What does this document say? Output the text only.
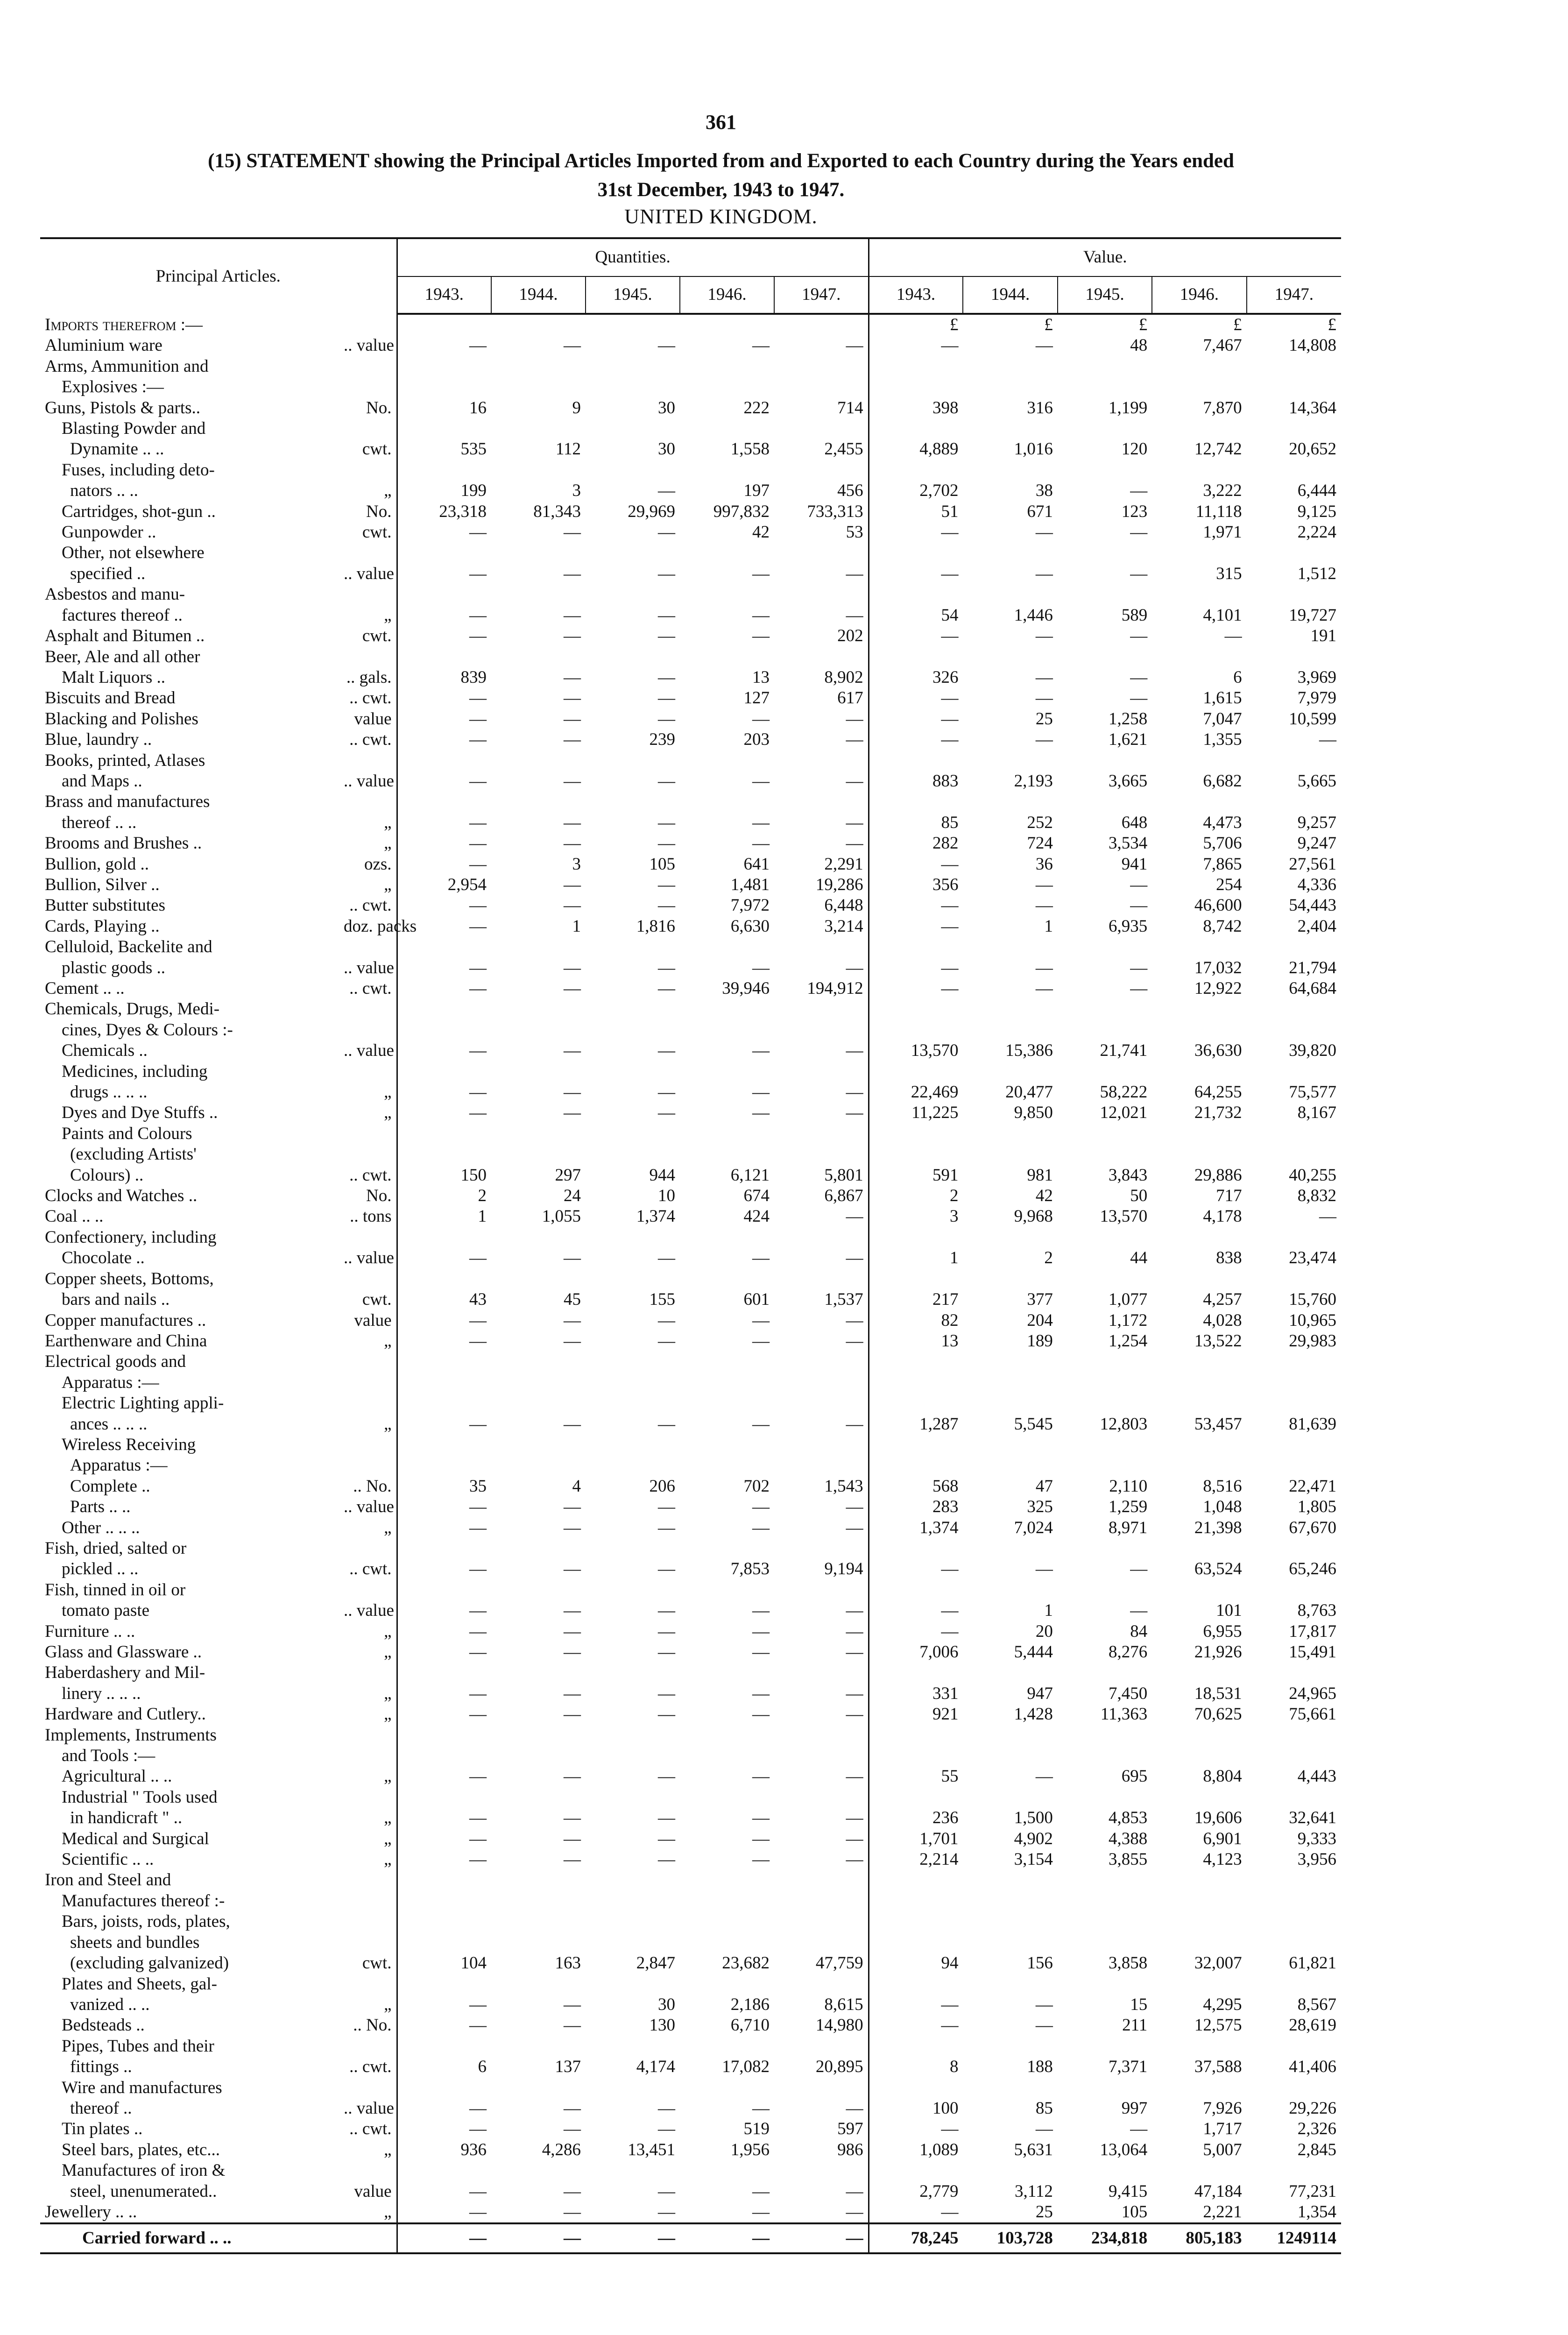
361
(15) STATEMENT showing the Principal Articles Imported from and Exported to each Country during the Years ended
31st December, 1943 to 1947.
UNITED KINGDOM.
Principal Articles.		Quantities.					Value.				
		1943.	1944.	1945.	1946.	1947.	1943.	1944.	1945.	1946.	1947.
Imports therefrom :—							£	£	£	£	£
Aluminium ware	.. value	—	—	—	—	—	—	—	48	7,467	14,808
Arms, Ammunition and											
Explosives :—											
Guns, Pistols & parts..	No.	16	9	30	222	714	398	316	1,199	7,870	14,364
Blasting Powder and											
Dynamite .. ..	cwt.	535	112	30	1,558	2,455	4,889	1,016	120	12,742	20,652
Fuses, including deto-											
nators .. ..	„	199	3	—	197	456	2,702	38	—	3,222	6,444
Cartridges, shot-gun ..	No.	23,318	81,343	29,969	997,832	733,313	51	671	123	11,118	9,125
Gunpowder ..	cwt.	—	—	—	42	53	—	—	—	1,971	2,224
Other, not elsewhere											
specified ..	.. value	—	—	—	—	—	—	—	—	315	1,512
Asbestos and manu-											
factures thereof ..	„	—	—	—	—	—	54	1,446	589	4,101	19,727
Asphalt and Bitumen ..	cwt.	—	—	—	—	202	—	—	—	—	191
Beer, Ale and all other											
Malt Liquors ..	.. gals.	839	—	—	13	8,902	326	—	—	6	3,969
Biscuits and Bread	.. cwt.	—	—	—	127	617	—	—	—	1,615	7,979
Blacking and Polishes	value	—	—	—	—	—	—	25	1,258	7,047	10,599
Blue, laundry ..	.. cwt.	—	—	239	203	—	—	—	1,621	1,355	—
Books, printed, Atlases											
and Maps ..	.. value	—	—	—	—	—	883	2,193	3,665	6,682	5,665
Brass and manufactures											
thereof .. ..	„	—	—	—	—	—	85	252	648	4,473	9,257
Brooms and Brushes ..	„	—	—	—	—	—	282	724	3,534	5,706	9,247
Bullion, gold ..	ozs.	—	3	105	641	2,291	—	36	941	7,865	27,561
Bullion, Silver ..	„	2,954	—	—	1,481	19,286	356	—	—	254	4,336
Butter substitutes	.. cwt.	—	—	—	7,972	6,448	—	—	—	46,600	54,443
Cards, Playing ..	doz. packs	—	1	1,816	6,630	3,214	—	1	6,935	8,742	2,404
Celluloid, Backelite and											
plastic goods ..	.. value	—	—	—	—	—	—	—	—	17,032	21,794
Cement .. ..	.. cwt.	—	—	—	39,946	194,912	—	—	—	12,922	64,684
Chemicals, Drugs, Medi-											
cines, Dyes & Colours :-											
Chemicals ..	.. value	—	—	—	—	—	13,570	15,386	21,741	36,630	39,820
Medicines, including											
drugs .. .. ..	„	—	—	—	—	—	22,469	20,477	58,222	64,255	75,577
Dyes and Dye Stuffs ..	„	—	—	—	—	—	11,225	9,850	12,021	21,732	8,167
Paints and Colours											
(excluding Artists'											
Colours) ..	.. cwt.	150	297	944	6,121	5,801	591	981	3,843	29,886	40,255
Clocks and Watches ..	No.	2	24	10	674	6,867	2	42	50	717	8,832
Coal .. ..	.. tons	1	1,055	1,374	424	—	3	9,968	13,570	4,178	—
Confectionery, including											
Chocolate ..	.. value	—	—	—	—	—	1	2	44	838	23,474
Copper sheets, Bottoms,											
bars and nails ..	cwt.	43	45	155	601	1,537	217	377	1,077	4,257	15,760
Copper manufactures ..	value	—	—	—	—	—	82	204	1,172	4,028	10,965
Earthenware and China	„	—	—	—	—	—	13	189	1,254	13,522	29,983
Electrical goods and											
Apparatus :—											
Electric Lighting appli-											
ances .. .. ..	„	—	—	—	—	—	1,287	5,545	12,803	53,457	81,639
Wireless Receiving											
Apparatus :—											
Complete ..	.. No.	35	4	206	702	1,543	568	47	2,110	8,516	22,471
Parts .. ..	.. value	—	—	—	—	—	283	325	1,259	1,048	1,805
Other .. .. ..	„	—	—	—	—	—	1,374	7,024	8,971	21,398	67,670
Fish, dried, salted or											
pickled .. ..	.. cwt.	—	—	—	7,853	9,194	—	—	—	63,524	65,246
Fish, tinned in oil or											
tomato paste	.. value	—	—	—	—	—	—	1	—	101	8,763
Furniture .. ..	„	—	—	—	—	—	—	20	84	6,955	17,817
Glass and Glassware ..	„	—	—	—	—	—	7,006	5,444	8,276	21,926	15,491
Haberdashery and Mil-											
linery .. .. ..	„	—	—	—	—	—	331	947	7,450	18,531	24,965
Hardware and Cutlery..	„	—	—	—	—	—	921	1,428	11,363	70,625	75,661
Implements, Instruments											
and Tools :—											
Agricultural .. ..	„	—	—	—	—	—	55	—	695	8,804	4,443
Industrial " Tools used											
in handicraft " ..	„	—	—	—	—	—	236	1,500	4,853	19,606	32,641
Medical and Surgical	„	—	—	—	—	—	1,701	4,902	4,388	6,901	9,333
Scientific .. ..	„	—	—	—	—	—	2,214	3,154	3,855	4,123	3,956
Iron and Steel and											
Manufactures thereof :-											
Bars, joists, rods, plates,											
sheets and bundles											
(excluding galvanized)	cwt.	104	163	2,847	23,682	47,759	94	156	3,858	32,007	61,821
Plates and Sheets, gal-											
vanized .. ..	„	—	—	30	2,186	8,615	—	—	15	4,295	8,567
Bedsteads ..	.. No.	—	—	130	6,710	14,980	—	—	211	12,575	28,619
Pipes, Tubes and their											
fittings ..	.. cwt.	6	137	4,174	17,082	20,895	8	188	7,371	37,588	41,406
Wire and manufactures											
thereof ..	.. value	—	—	—	—	—	100	85	997	7,926	29,226
Tin plates ..	.. cwt.	—	—	—	519	597	—	—	—	1,717	2,326
Steel bars, plates, etc...	„	936	4,286	13,451	1,956	986	1,089	5,631	13,064	5,007	2,845
Manufactures of iron &											
steel, unenumerated..	value	—	—	—	—	—	2,779	3,112	9,415	47,184	77,231
Jewellery .. ..	„	—	—	—	—	—	—	25	105	2,221	1,354
Carried forward .. ..		—	—	—	—	—	78,245	103,728	234,818	805,183	1249114
